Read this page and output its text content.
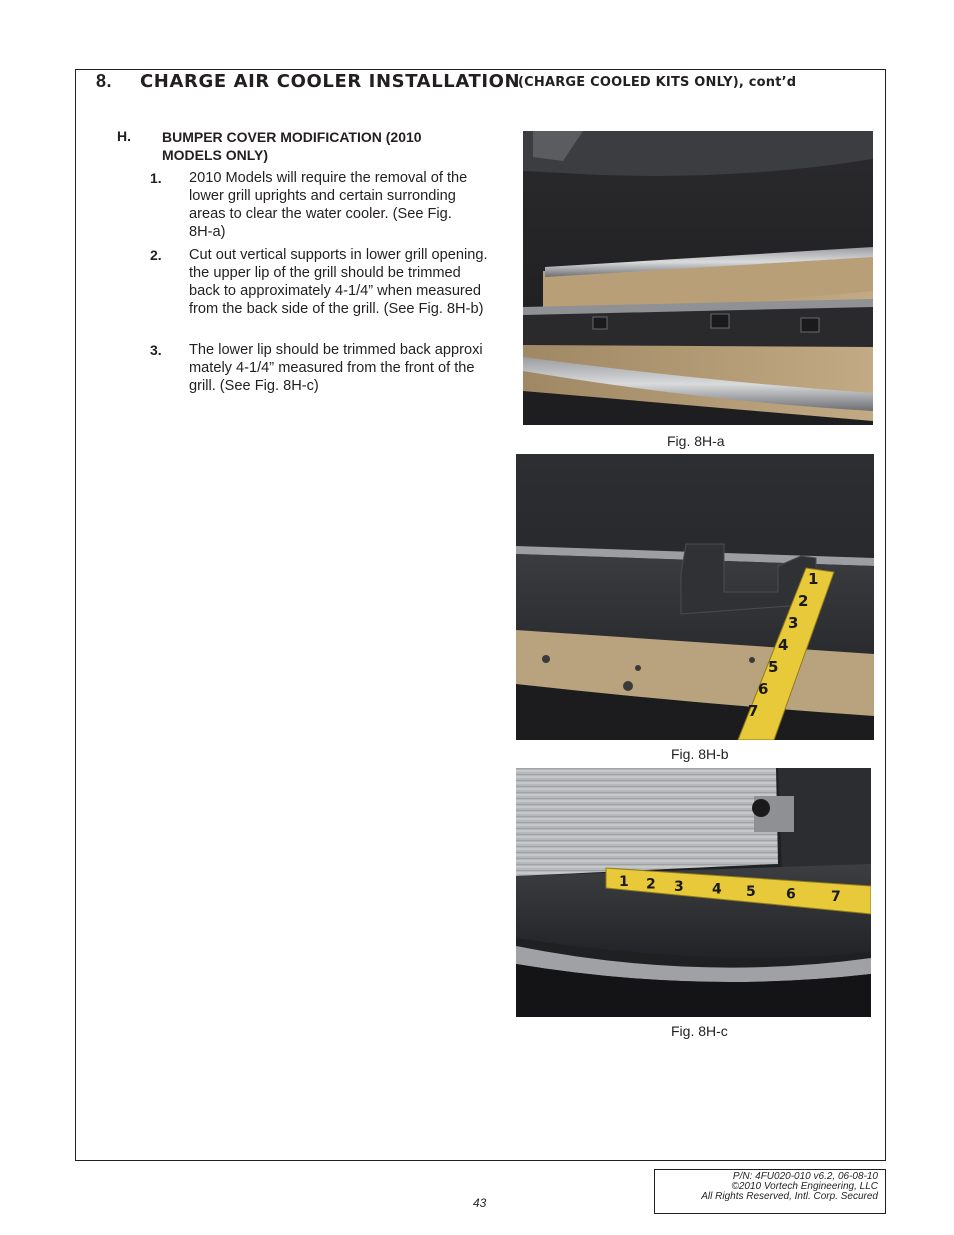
8. CHARGE AIR COOLER INSTALLATION
(CHARGE COOLED KITS ONLY), cont’d
H. BUMPER COVER MODIFICATION (2010 MODELS ONLY)
1. 2010 Models will require the removal of the
lower grill uprights and certain surronding
areas to clear the water cooler. (See Fig.
8H-a)
2. Cut out vertical supports in lower grill opening.
the upper lip of the grill should be trimmed
back to approximately 4-1/4” when measured
from the back side of the grill. (See Fig. 8H-b)
3. The lower lip should be trimmed back approxi
mately 4-1/4” measured from the front of the
grill. (See Fig. 8H-c)
Fig. 8H-a
1 2 3 4 5 6 7
Fig. 8H-b
1 2 3 4 5 6	7
Fig. 8H-c
P/N: 4FU020-010 v6.2, 06-08-10
©2010 Vortech Engineering, LLC
All Rights Reserved, Intl. Corp. Secured
43
